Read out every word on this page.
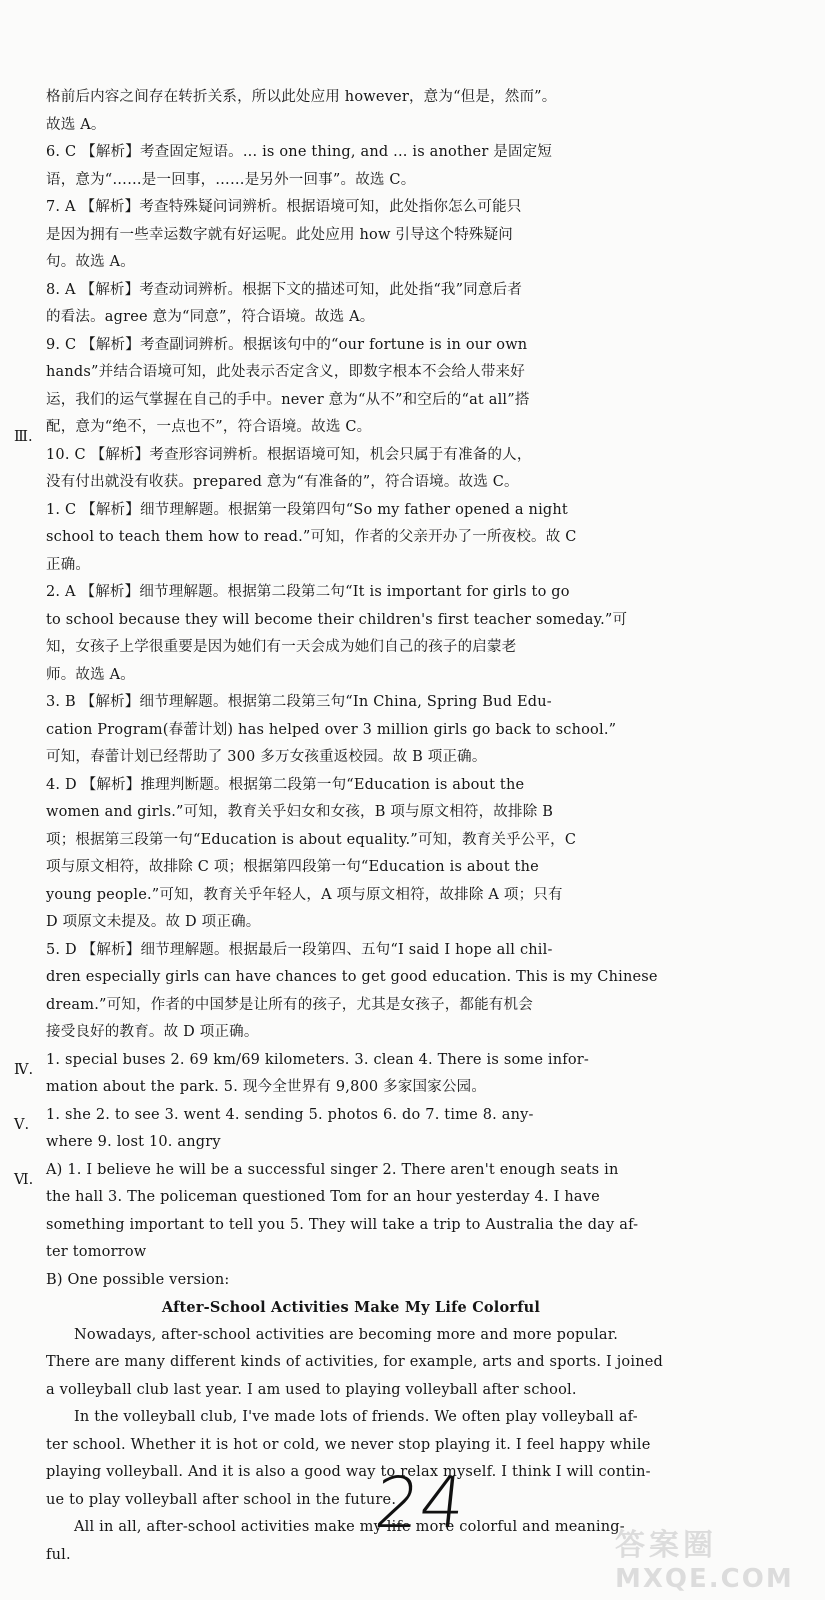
格前后内容之间存在转折关系，所以此处应用 however，意为“但是，然而”。
故选 A。
6. C 【解析】考查固定短语。... is one thing, and ... is another 是固定短
语，意为“……是一回事，……是另外一回事”。故选 C。
7. A 【解析】考查特殊疑问词辨析。根据语境可知，此处指你怎么可能只
是因为拥有一些幸运数字就有好运呢。此处应用 how 引导这个特殊疑问
句。故选 A。
8. A 【解析】考查动词辨析。根据下文的描述可知，此处指“我”同意后者
的看法。agree 意为“同意”，符合语境。故选 A。
9. C 【解析】考查副词辨析。根据该句中的“our fortune is in our own
hands”并结合语境可知，此处表示否定含义，即数字根本不会给人带来好
运，我们的运气掌握在自己的手中。never 意为“从不”和空后的“at all”搭
配，意为“绝不，一点也不”，符合语境。故选 C。
10. C 【解析】考查形容词辨析。根据语境可知，机会只属于有准备的人，
没有付出就没有收获。prepared 意为“有准备的”，符合语境。故选 C。
1. C 【解析】细节理解题。根据第一段第四句“So my father opened a night
school to teach them how to read.”可知，作者的父亲开办了一所夜校。故 C
正确。
2. A 【解析】细节理解题。根据第二段第二句“It is important for girls to go
to school because they will become their children's first teacher someday.”可
知，女孩子上学很重要是因为她们有一天会成为她们自己的孩子的启蒙老
师。故选 A。
3. B 【解析】细节理解题。根据第二段第三句“In China, Spring Bud Edu-
cation Program(春蕾计划) has helped over 3 million girls go back to school.”
可知，春蕾计划已经帮助了 300 多万女孩重返校园。故 B 项正确。
4. D 【解析】推理判断题。根据第二段第一句“Education is about the
women and girls.”可知，教育关乎妇女和女孩，B 项与原文相符，故排除 B
项；根据第三段第一句“Education is about equality.”可知，教育关乎公平，C
项与原文相符，故排除 C 项；根据第四段第一句“Education is about the
young people.”可知，教育关乎年轻人，A 项与原文相符，故排除 A 项；只有
D 项原文未提及。故 D 项正确。
5. D 【解析】细节理解题。根据最后一段第四、五句“I said I hope all chil-
dren especially girls can have chances to get good education. This is my Chinese
dream.”可知，作者的中国梦是让所有的孩子，尤其是女孩子，都能有机会
接受良好的教育。故 D 项正确。
1. special buses 2. 69 km/69 kilometers. 3. clean 4. There is some infor-
mation about the park. 5. 现今全世界有 9,800 多家国家公园。
1. she 2. to see 3. went 4. sending 5. photos 6. do 7. time 8. any-
where 9. lost 10. angry
A) 1. I believe he will be a successful singer 2. There aren't enough seats in
the hall 3. The policeman questioned Tom for an hour yesterday 4. I have
something important to tell you 5. They will take a trip to Australia the day af-
ter tomorrow
B) One possible version:
After-School Activities Make My Life Colorful
Nowadays, after-school activities are becoming more and more popular.
There are many different kinds of activities, for example, arts and sports. I joined
a volleyball club last year. I am used to playing volleyball after school.
In the volleyball club, I've made lots of friends. We often play volleyball af-
ter school. Whether it is hot or cold, we never stop playing it. I feel happy while
playing volleyball. And it is also a good way to relax myself. I think I will contin-
ue to play volleyball after school in the future.
All in all, after-school activities make my life more colorful and meaning-
ful.
Ⅲ.
Ⅳ.
Ⅴ.
Ⅵ.
24
答案圈
MXQE.COM
